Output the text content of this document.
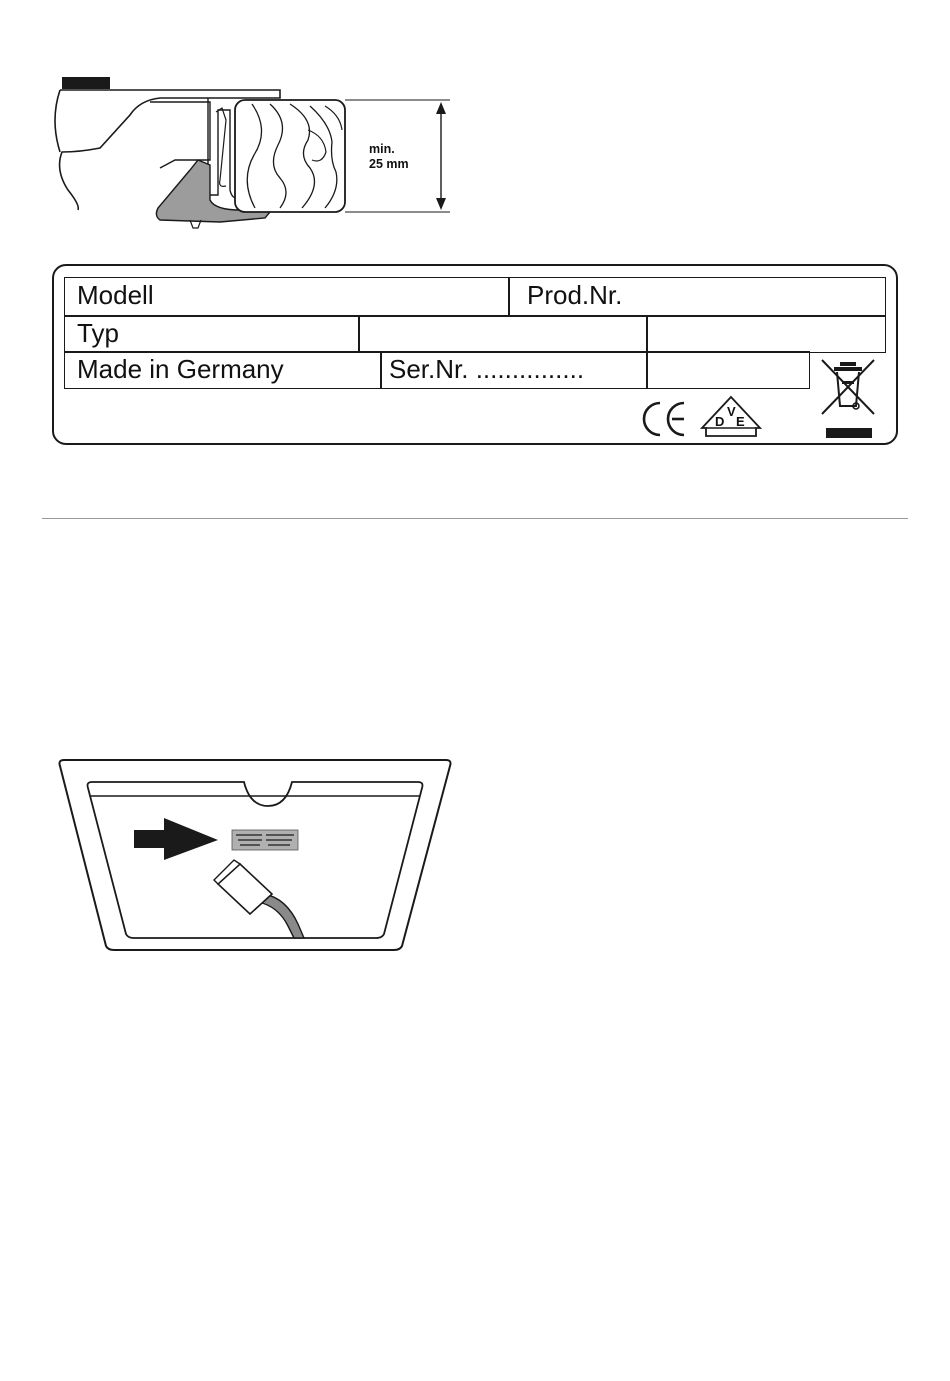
min.
25 mm
Modell	Prod.Nr.
Typ
Made in Germany	Ser.Nr. ...............
V
D E
